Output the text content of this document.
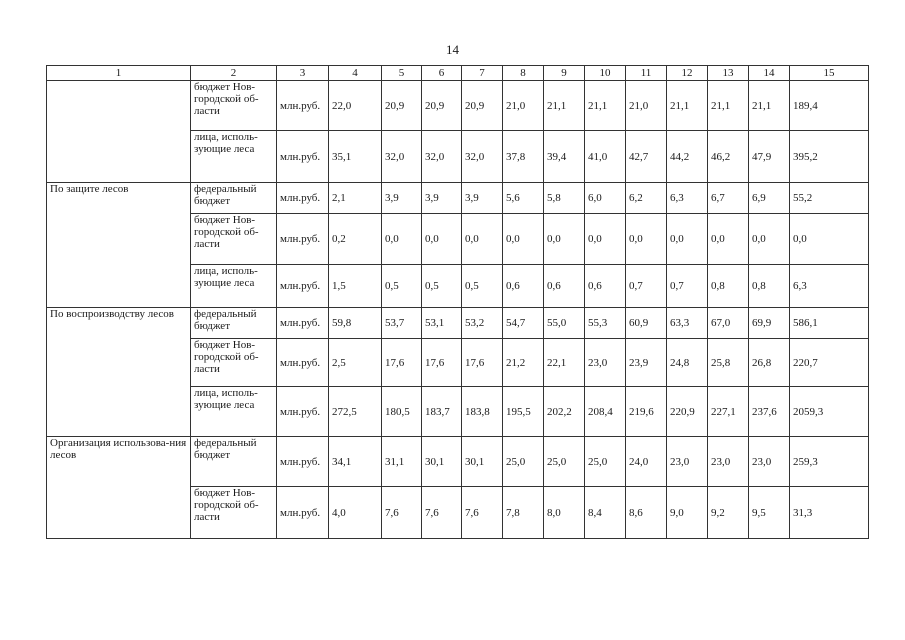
14
1	2	3	4	5	6	7	8	9	10	11	12	13	14	15
	бюджет Нов-городской об-ласти	млн.руб.	22,0	20,9	20,9	20,9	21,0	21,1	21,1	21,0	21,1	21,1	21,1	189,4
	лица, исполь-зующие леса	млн.руб.	35,1	32,0	32,0	32,0	37,8	39,4	41,0	42,7	44,2	46,2	47,9	395,2
По защите лесов	федеральный бюджет	млн.руб.	2,1	3,9	3,9	3,9	5,6	5,8	6,0	6,2	6,3	6,7	6,9	55,2
	бюджет Нов-городской об-ласти	млн.руб.	0,2	0,0	0,0	0,0	0,0	0,0	0,0	0,0	0,0	0,0	0,0	0,0
	лица, исполь-зующие леса	млн.руб.	1,5	0,5	0,5	0,5	0,6	0,6	0,6	0,7	0,7	0,8	0,8	6,3
По воспроизводству лесов	федеральный бюджет	млн.руб.	59,8	53,7	53,1	53,2	54,7	55,0	55,3	60,9	63,3	67,0	69,9	586,1
	бюджет Нов-городской об-ласти	млн.руб.	2,5	17,6	17,6	17,6	21,2	22,1	23,0	23,9	24,8	25,8	26,8	220,7
	лица, исполь-зующие леса	млн.руб.	272,5	180,5	183,7	183,8	195,5	202,2	208,4	219,6	220,9	227,1	237,6	2059,3
Организация использова-ния лесов	федеральный бюджет	млн.руб.	34,1	31,1	30,1	30,1	25,0	25,0	25,0	24,0	23,0	23,0	23,0	259,3
	бюджет Нов-городской об-ласти	млн.руб.	4,0	7,6	7,6	7,6	7,8	8,0	8,4	8,6	9,0	9,2	9,5	31,3
